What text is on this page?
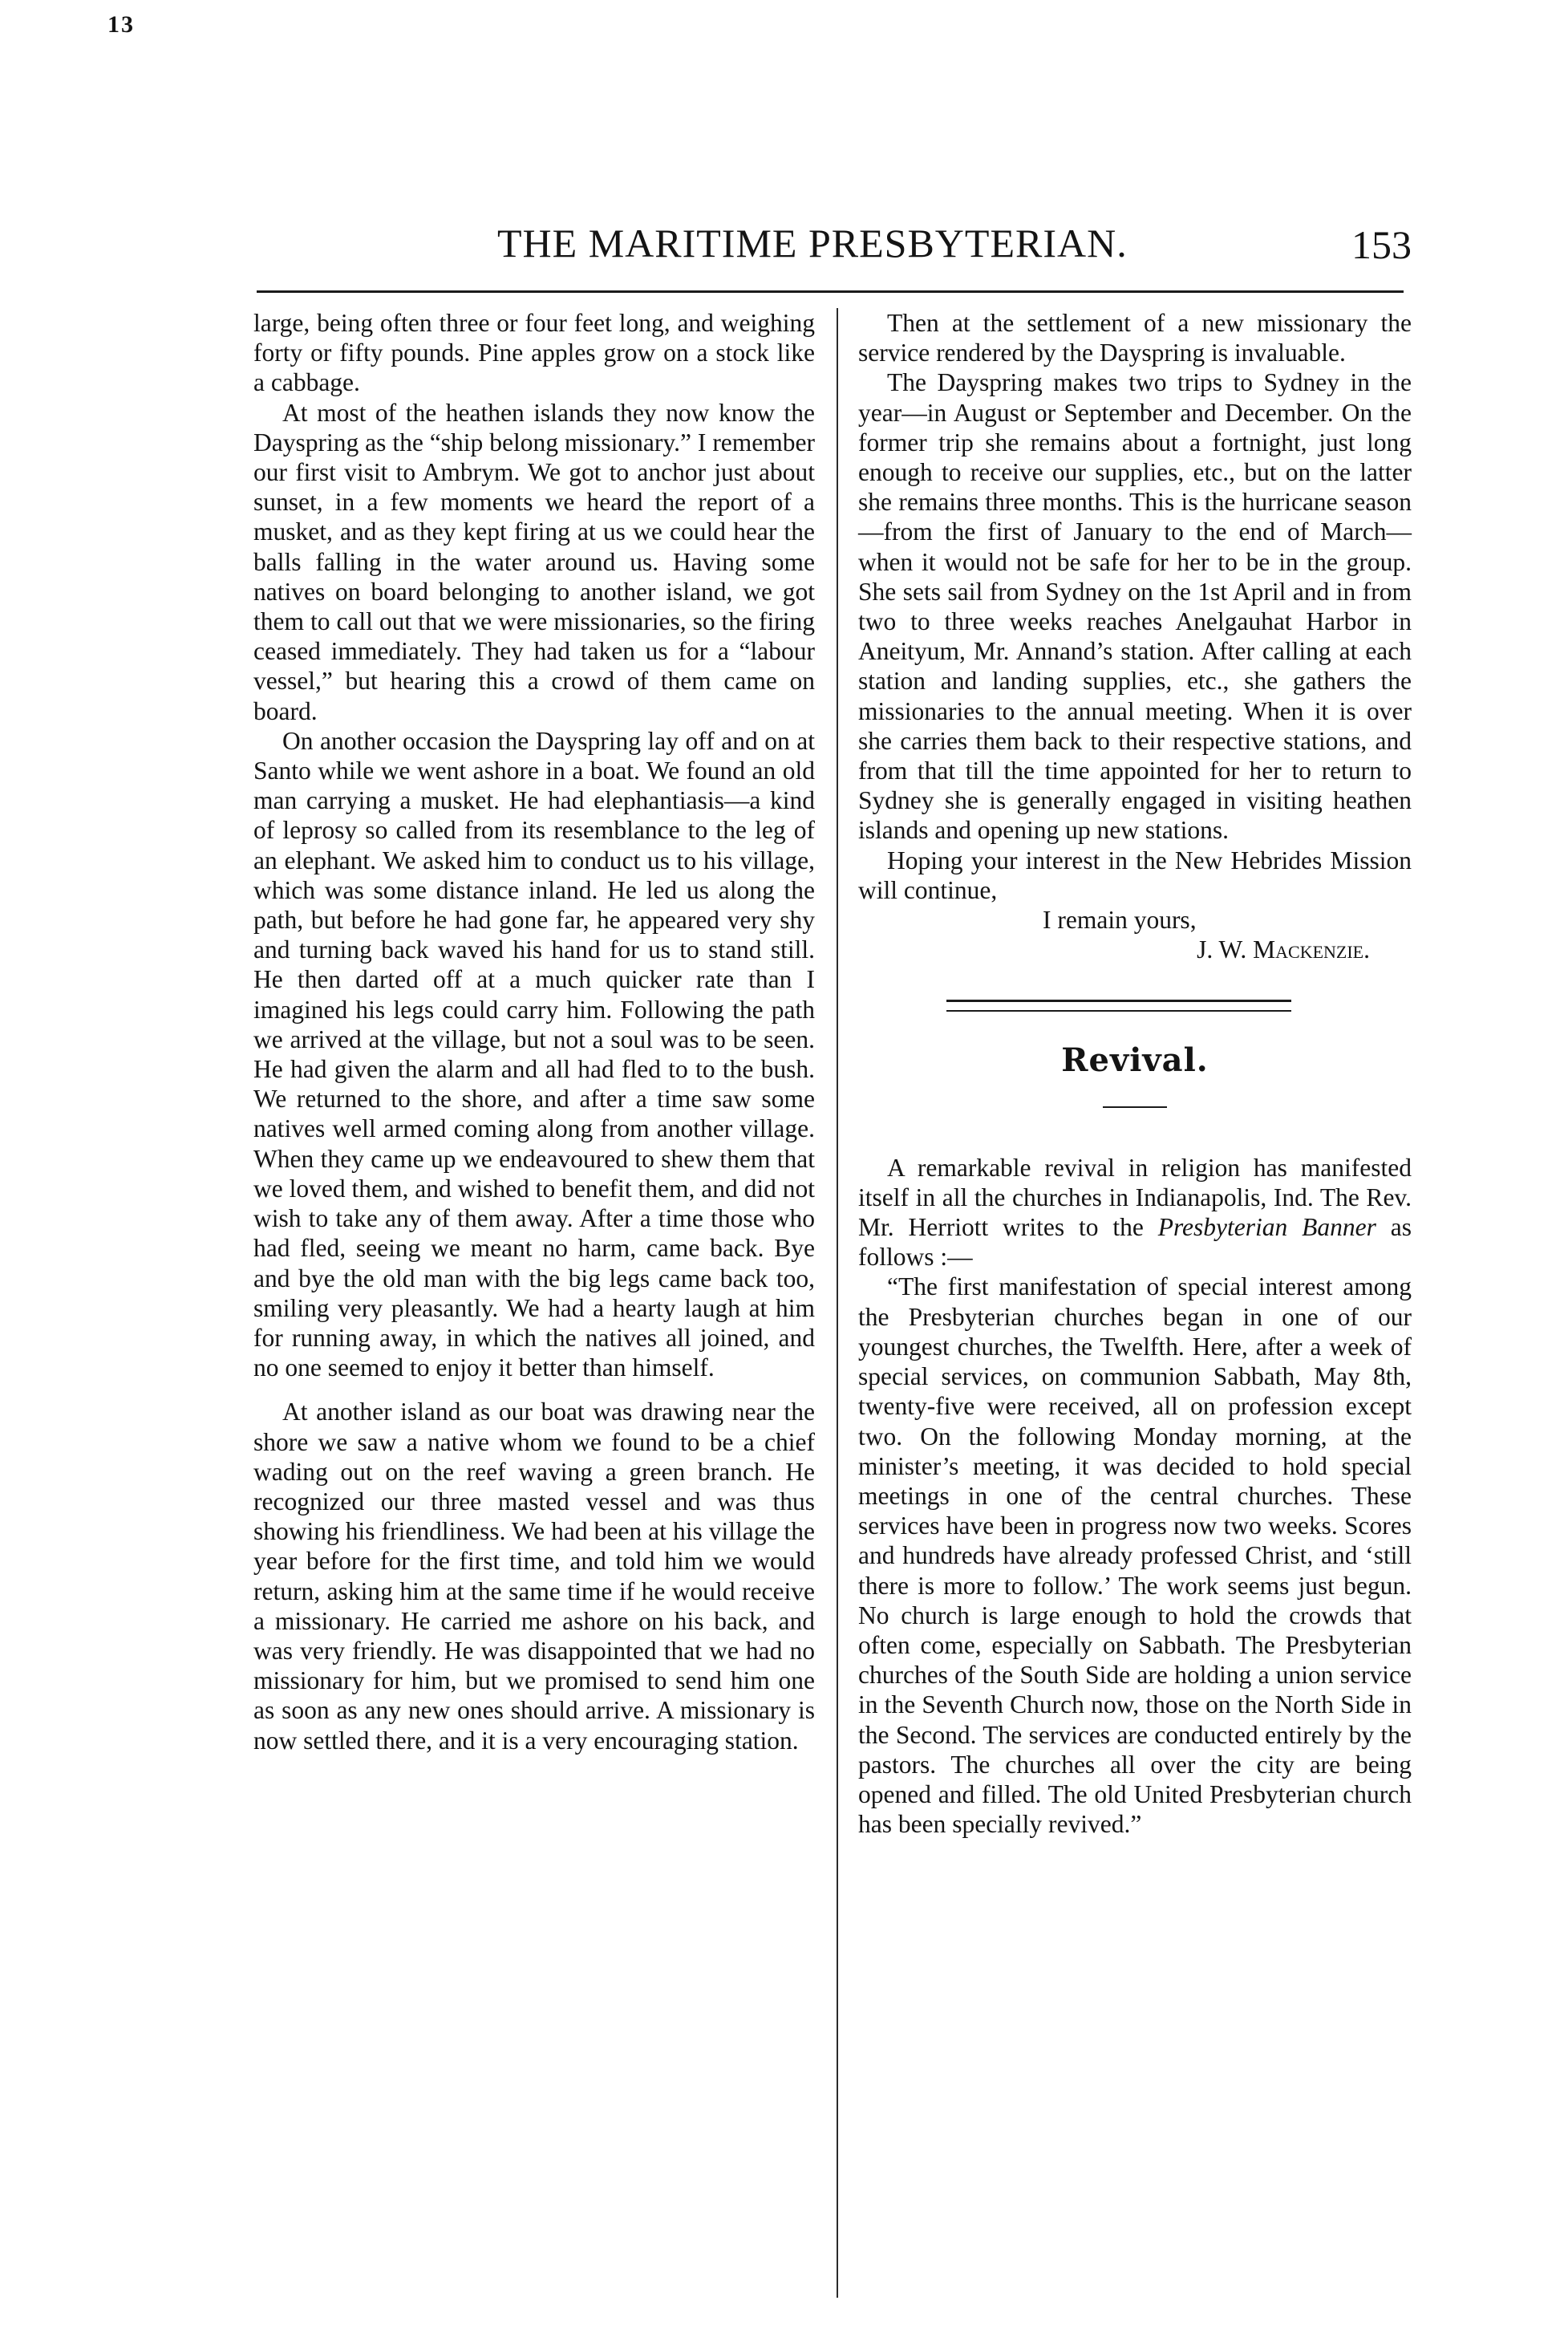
13
THE MARITIME PRESBYTERIAN.	153

large, being often three or four feet long, and weighing forty or fifty pounds. Pine apples grow on a stock like a cabbage.

At most of the heathen islands they now know the Dayspring as the “ship belong missionary.” I remember our first visit to Ambrym. We got to anchor just about sunset, in a few moments we heard the report of a musket, and as they kept firing at us we could hear the balls falling in the water around us. Having some natives on board belonging to another island, we got them to call out that we were missionaries, so the firing ceased immediately. They had taken us for a “labour vessel,” but hearing this a crowd of them came on board.

On another occasion the Dayspring lay off and on at Santo while we went ashore in a boat. We found an old man carrying a musket. He had elephantiasis—a kind of leprosy so called from its resemblance to the leg of an elephant. We asked him to conduct us to his village, which was some distance inland. He led us along the path, but before he had gone far, he appeared very shy and turning back waved his hand for us to stand still. He then darted off at a much quicker rate than I imagined his legs could carry him. Following the path we arrived at the village, but not a soul was to be seen. He had given the alarm and all had fled to to the bush. We returned to the shore, and after a time saw some natives well armed coming along from another village. When they came up we endeavoured to shew them that we loved them, and wished to benefit them, and did not wish to take any of them away. After a time those who had fled, seeing we meant no harm, came back. Bye and bye the old man with the big legs came back too, smiling very pleasantly. We had a hearty laugh at him for running away, in which the natives all joined, and no one seemed to enjoy it better than himself.

At another island as our boat was drawing near the shore we saw a native whom we found to be a chief wading out on the reef waving a green branch. He recognized our three masted vessel and was thus showing his friendliness. We had been at his village the year before for the first time, and told him we would return, asking him at the same time if he would receive a missionary. He carried me ashore on his back, and was very friendly. He was disappointed that we had no missionary for him, but we promised to send him one as soon as any new ones should arrive. A missionary is now settled there, and it is a very encouraging station.

Then at the settlement of a new missionary the service rendered by the Dayspring is invaluable.

The Dayspring makes two trips to Sydney in the year—in August or September and December. On the former trip she remains about a fortnight, just long enough to receive our supplies, etc., but on the latter she remains three months. This is the hurricane season—from the first of January to the end of March—when it would not be safe for her to be in the group. She sets sail from Sydney on the 1st April and in from two to three weeks reaches Anelgauhat Harbor in Aneityum, Mr. Annand’s station. After calling at each station and landing supplies, etc., she gathers the missionaries to the annual meeting. When it is over she carries them back to their respective stations, and from that till the time appointed for her to return to Sydney she is generally engaged in visiting heathen islands and opening up new stations.

Hoping your interest in the New Hebrides Mission will continue,

I remain yours,

J. W. Mackenzie.

Revival.

A remarkable revival in religion has manifested itself in all the churches in Indianapolis, Ind. The Rev. Mr. Herriott writes to the Presbyterian Banner as follows :—

“The first manifestation of special interest among the Presbyterian churches began in one of our youngest churches, the Twelfth. Here, after a week of special services, on communion Sabbath, May 8th, twenty-five were received, all on profession except two. On the following Monday morning, at the minister’s meeting, it was decided to hold special meetings in one of the central churches. These services have been in progress now two weeks. Scores and hundreds have already professed Christ, and ‘still there is more to follow.’ The work seems just begun. No church is large enough to hold the crowds that often come, especially on Sabbath. The Presbyterian churches of the South Side are holding a union service in the Seventh Church now, those on the North Side in the Second. The services are conducted entirely by the pastors. The churches all over the city are being opened and filled. The old United Presbyterian church has been specially revived.”
